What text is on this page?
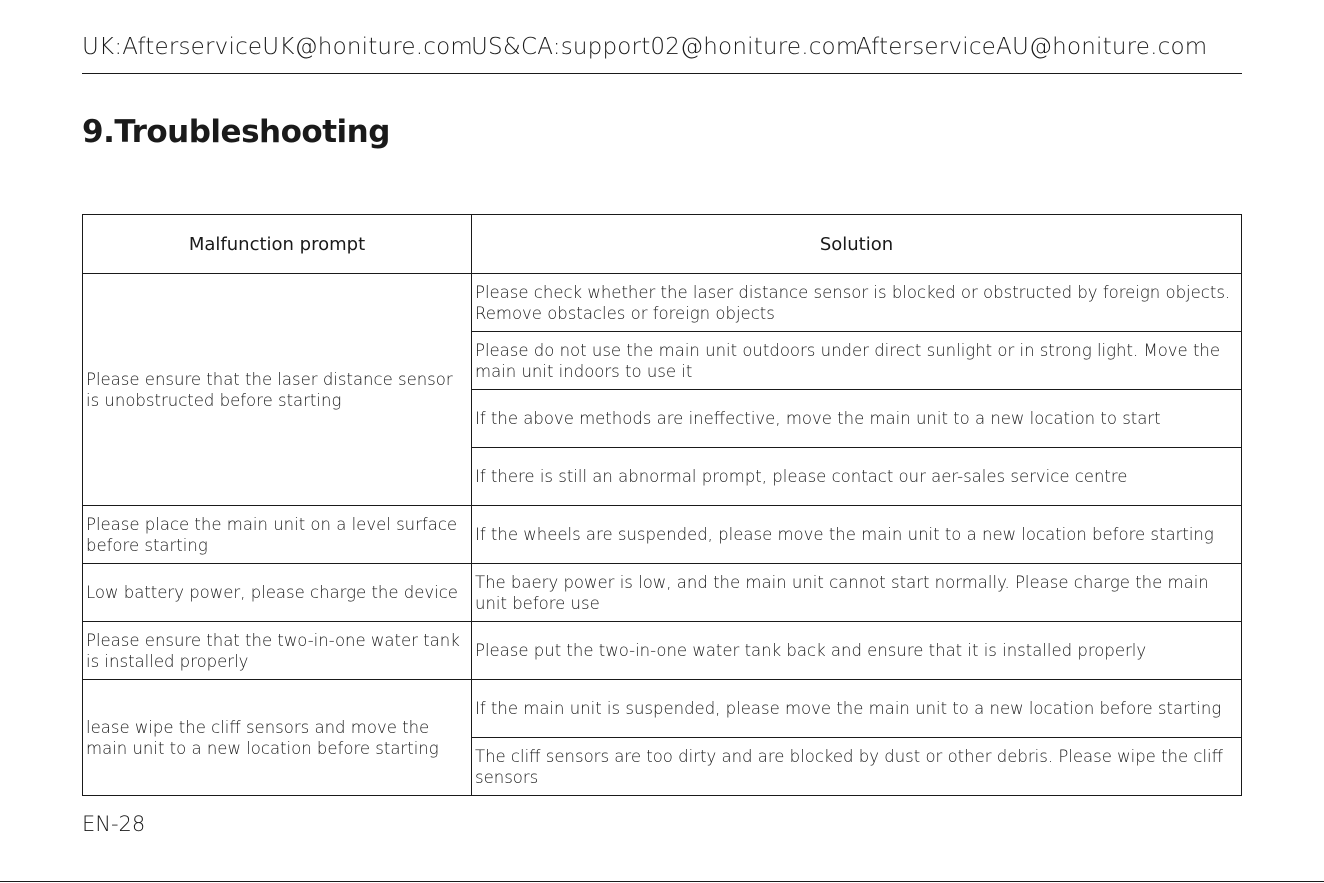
UK:AfterserviceUK@honiture.com
US&CA:support02@honiture.com
AfterserviceAU@honiture.com
9.Troubleshooting
Malfunction prompt	Solution
Please ensure that the laser distance sensor is unobstructed before starting	Please check whether the laser distance sensor is blocked or obstructed by foreign objects. Remove obstacles or foreign objects
	Please do not use the main unit outdoors under direct sunlight or in strong light. Move the main unit indoors to use it
	If the above methods are ineffective, move the main unit to a new location to start
	If there is still an abnormal prompt, please contact our aer-sales service centre
Please place the main unit on a level surface before starting	If the wheels are suspended, please move the main unit to a new location before starting
Low battery power, please charge the device	The baery power is low, and the main unit cannot start normally. Please charge the main unit before use
Please ensure that the two-in-one water tank is installed properly	Please put the two-in-one water tank back and ensure that it is installed properly
lease wipe the cliff sensors and move the main unit to a new location before starting	If the main unit is suspended, please move the main unit to a new location before starting
	The cliff sensors are too dirty and are blocked by dust or other debris. Please wipe the cliff sensors
EN-28
